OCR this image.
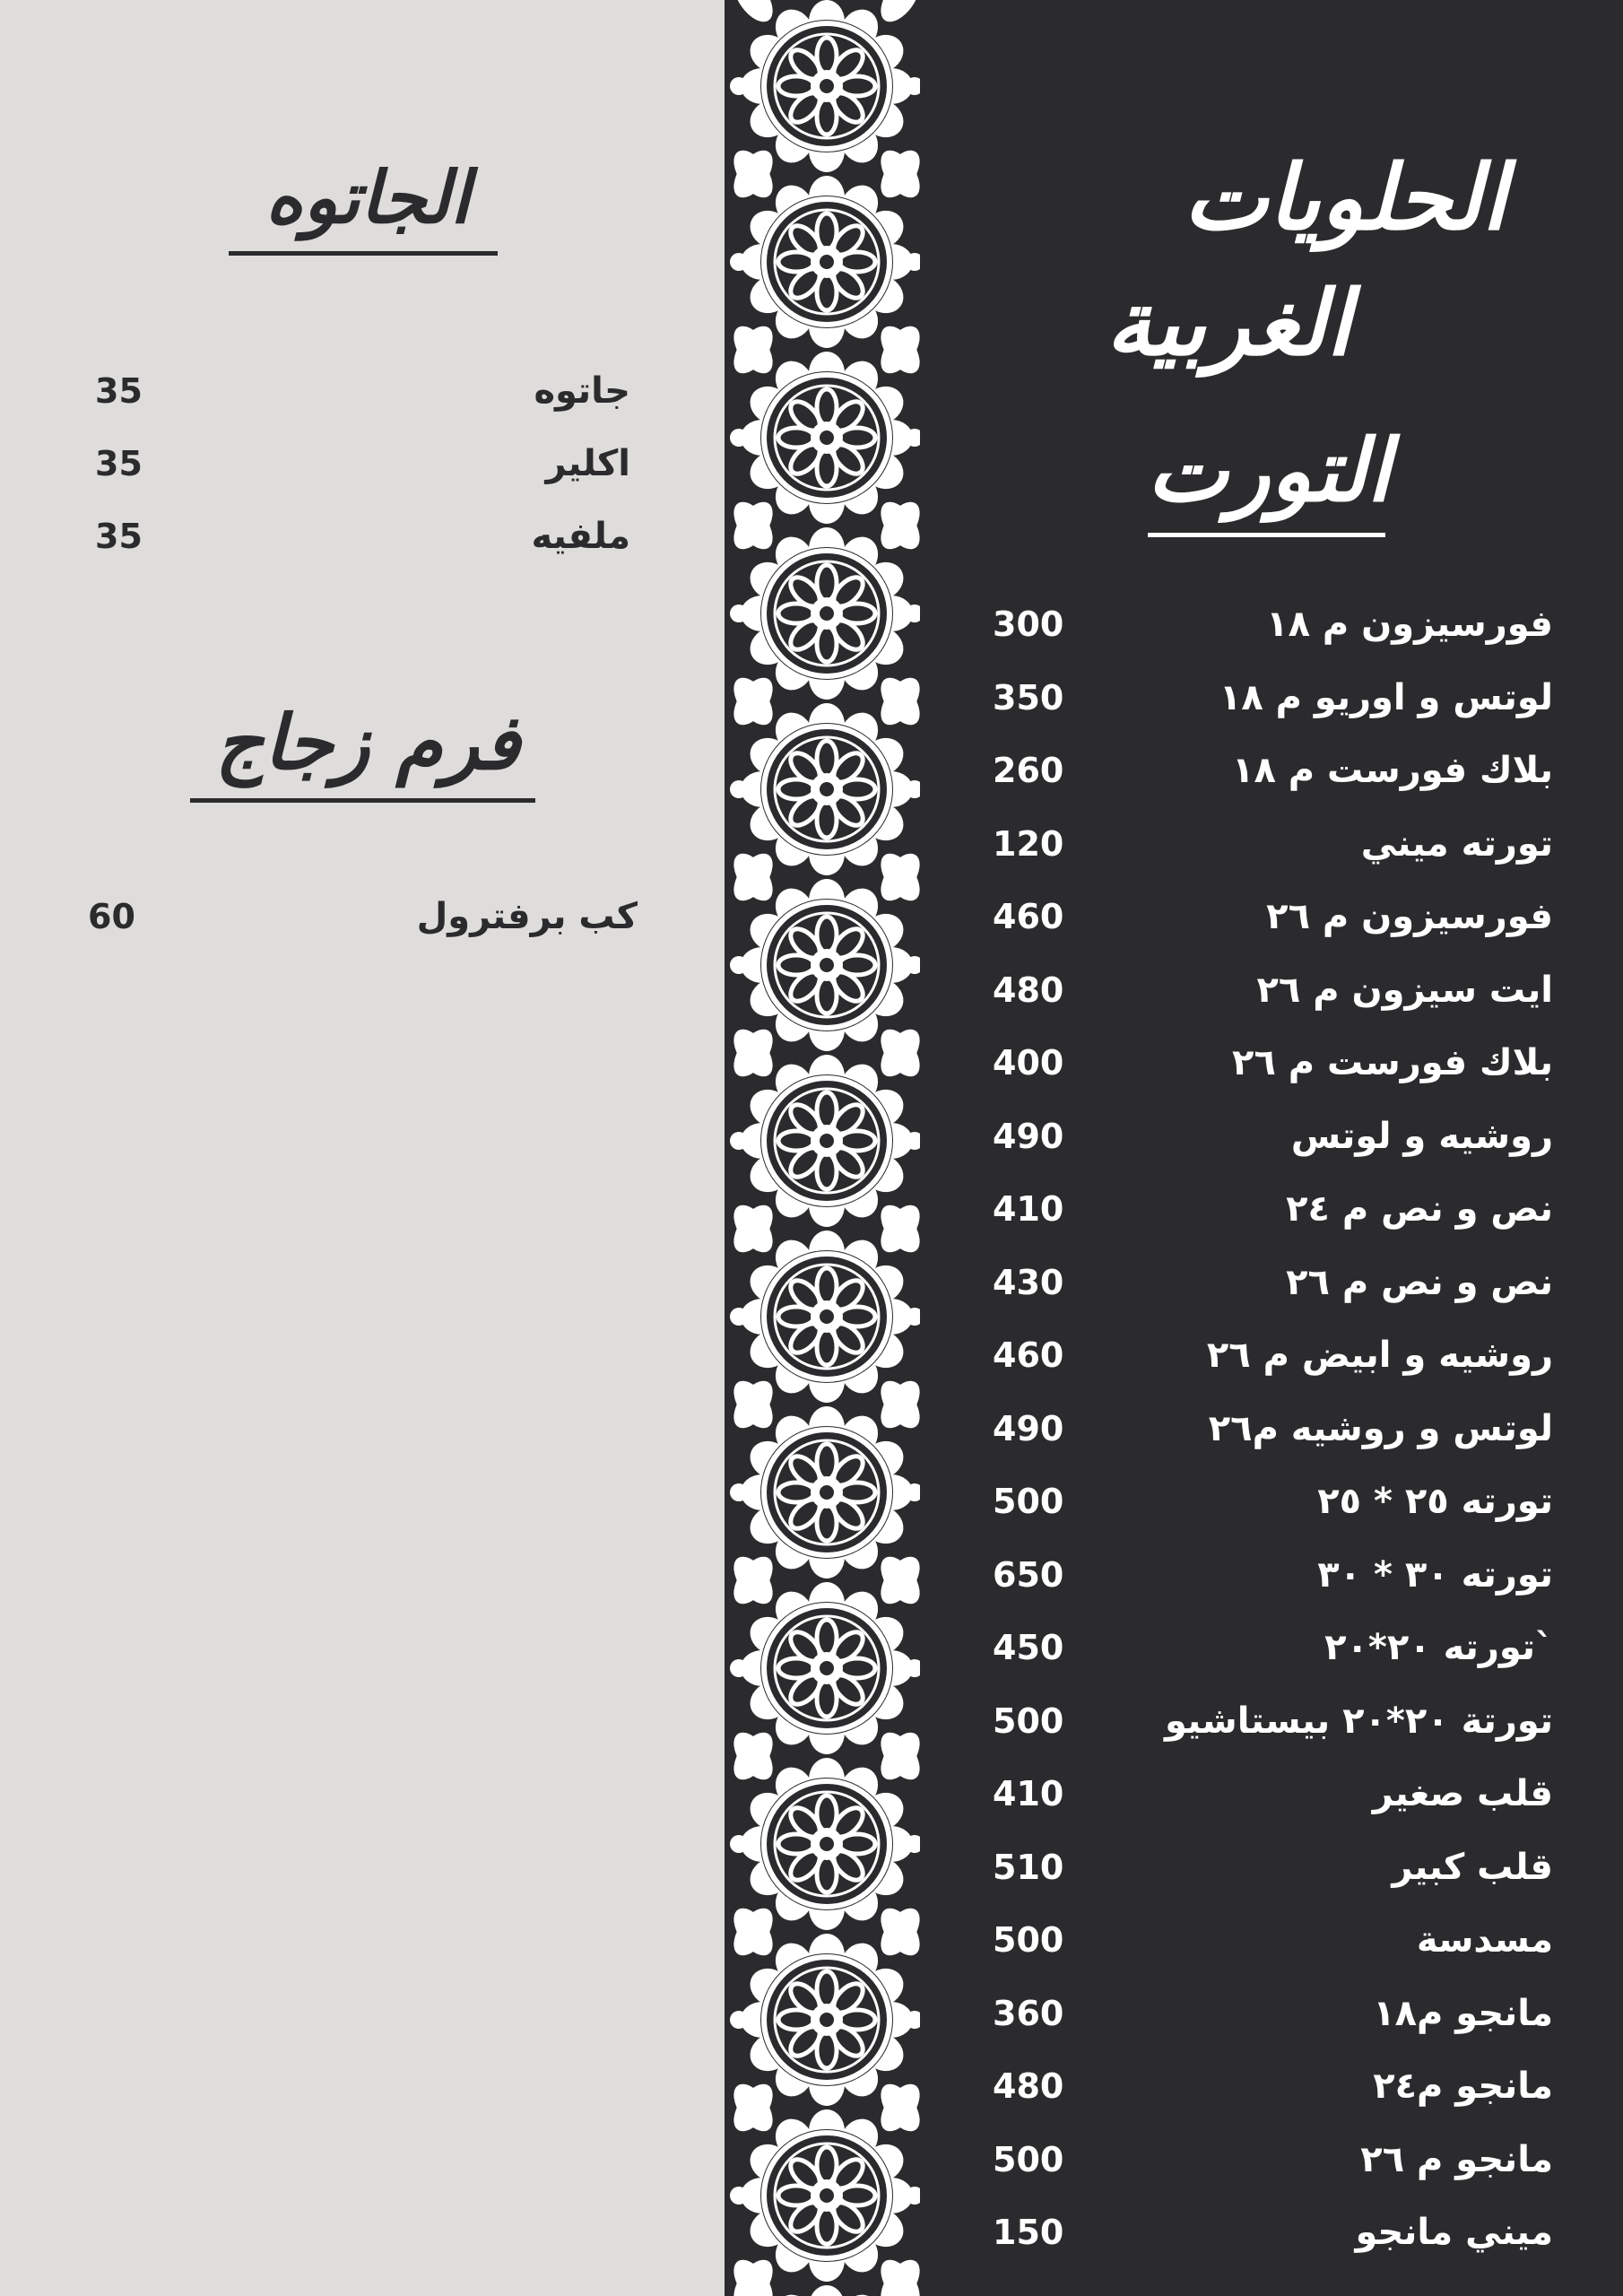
الجاتوه
جاتوه
35
اكلير
35
ملفيه
35
فرم زجاج
كب برفترول
60
الحلويات
الغربية
التورت
فورسيزون م ١٨
300
لوتس و اوريو م ١٨
350
بلاك فورست م ١٨
260
تورته ميني
120
فورسيزون م ٢٦
460
ايت سيزون م ٢٦
480
بلاك فورست م ٢٦
400
روشيه و لوتس
490
نص و نص م ٢٤
410
نص و نص م ٢٦
430
روشيه و ابيض م ٢٦
460
لوتس و روشيه م٢٦
490
تورته ٢٥ * ٢٥
500
تورته ٣٠ * ٣٠
650
`تورته ٢٠*٢٠
450
تورتة ٢٠*٢٠ بيستاشيو
500
قلب صغير
410
قلب كبير
510
مسدسة
500
مانجو م١٨
360
مانجو م٢٤
480
مانجو م ٢٦
500
ميني مانجو
150
